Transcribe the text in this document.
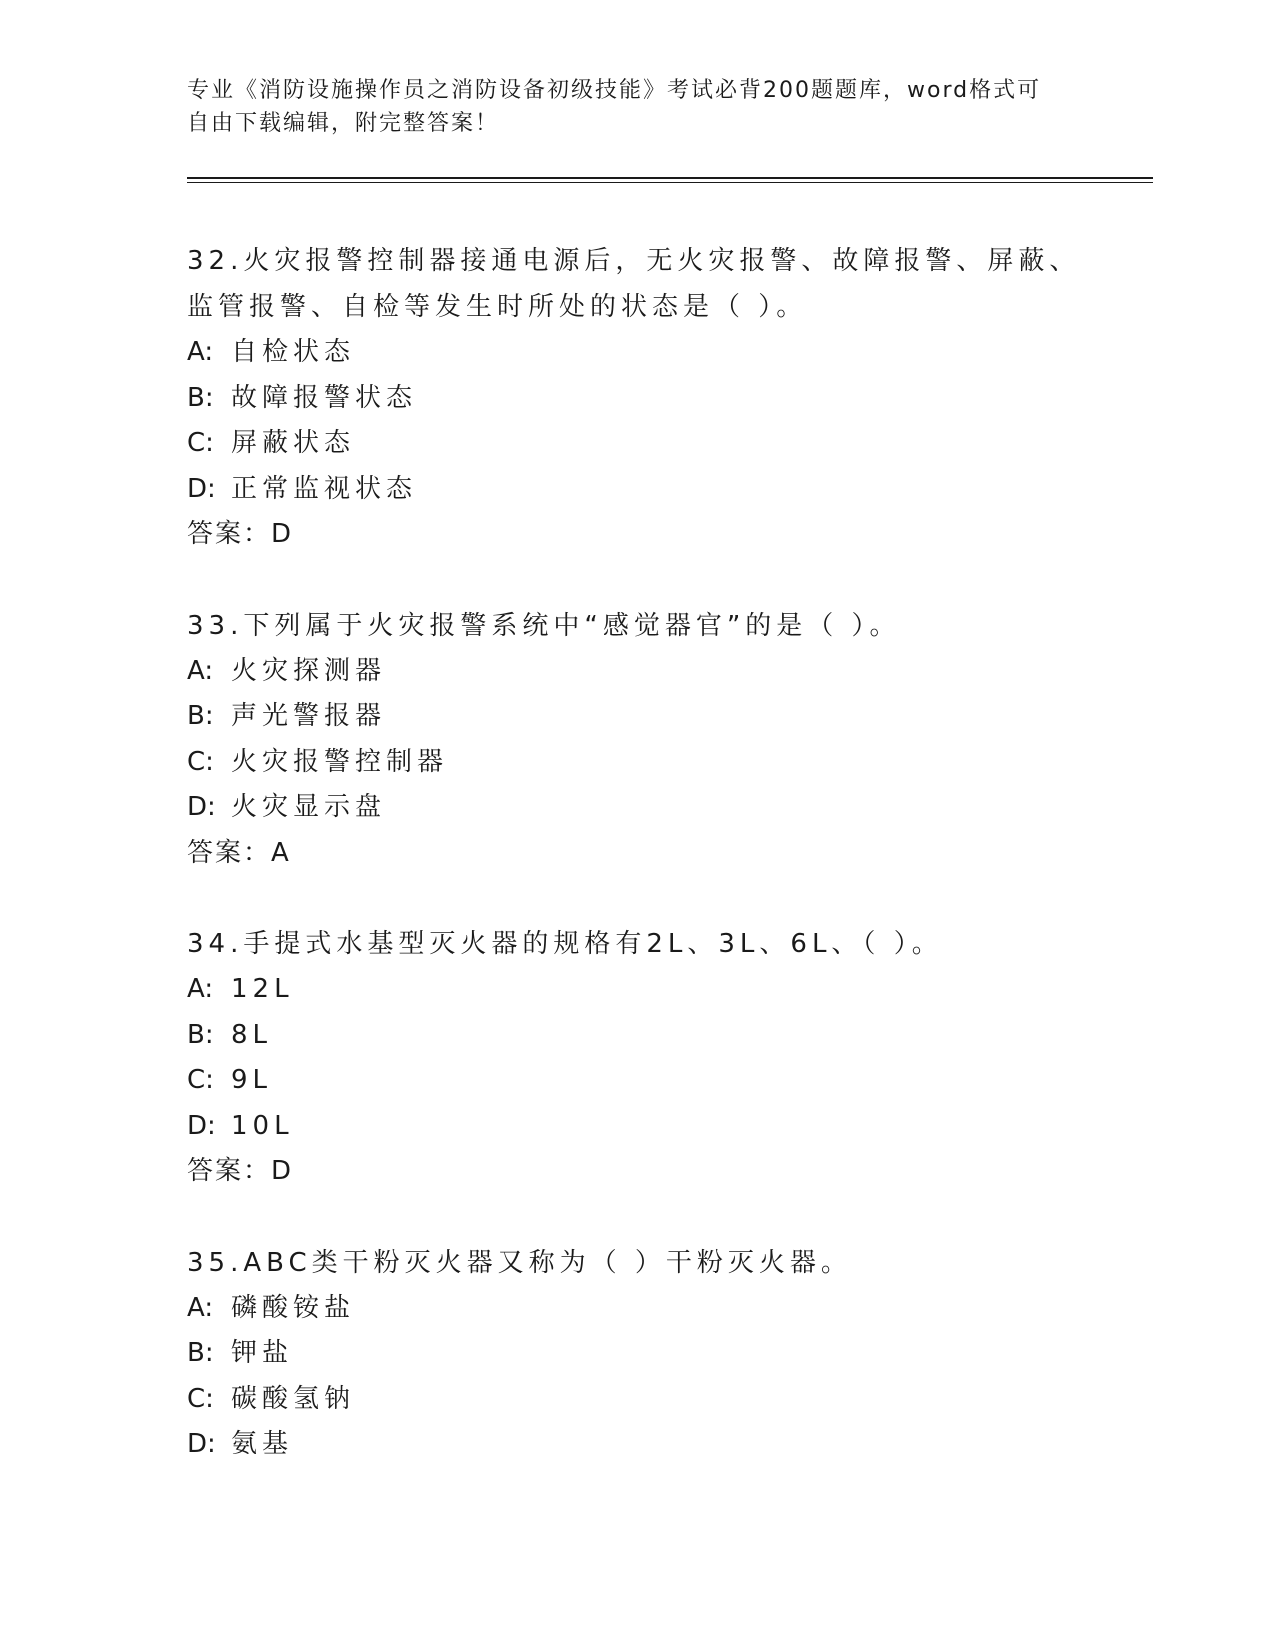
专业《消防设施操作员之消防设备初级技能》考试必背200题题库，word格式可
自由下载编辑，附完整答案！

32.火灾报警控制器接通电源后，无火灾报警、故障报警、屏蔽、监管报警、自检等发生时所处的状态是（ ）。

A: 自检状态

B: 故障报警状态

C: 屏蔽状态

D: 正常监视状态

答案：D

33.下列属于火灾报警系统中“感觉器官”的是（ ）。

A: 火灾探测器

B: 声光警报器

C: 火灾报警控制器

D: 火灾显示盘

答案：A

34.手提式水基型灭火器的规格有2L、3L、6L、（ ）。

A: 12L

B: 8L

C: 9L

D: 10L

答案：D

35.ABC类干粉灭火器又称为（ ）干粉灭火器。

A: 磷酸铵盐

B: 钾盐

C: 碳酸氢钠

D: 氨基
